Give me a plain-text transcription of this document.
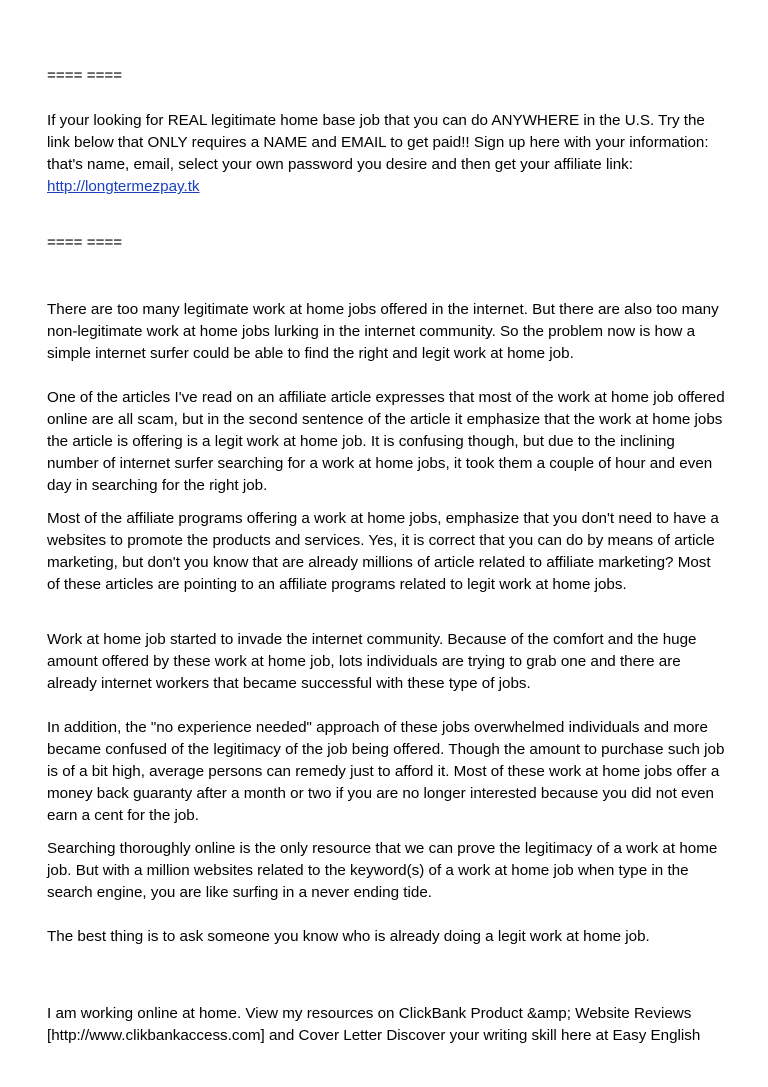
==== ====

If your looking for REAL legitimate home base job that you can do ANYWHERE in the U.S. Try the link below that ONLY requires a NAME and EMAIL to get paid!! Sign up here with your information: that's name, email, select your own password you desire and then get your affiliate link:
http://longtermezpay.tk

==== ====

There are too many legitimate work at home jobs offered in the internet. But there are also too many non-legitimate work at home jobs lurking in the internet community. So the problem now is how a simple internet surfer could be able to find the right and legit work at home job.

One of the articles I've read on an affiliate article expresses that most of the work at home job offered online are all scam, but in the second sentence of the article it emphasize that the work at home jobs the article is offering is a legit work at home job. It is confusing though, but due to the inclining number of internet surfer searching for a work at home jobs, it took them a couple of hour and even day in searching for the right job.

Most of the affiliate programs offering a work at home jobs, emphasize that you don't need to have a websites to promote the products and services. Yes, it is correct that you can do by means of article marketing, but don't you know that are already millions of article related to affiliate marketing? Most of these articles are pointing to an affiliate programs related to legit work at home jobs.

Work at home job started to invade the internet community. Because of the comfort and the huge amount offered by these work at home job, lots individuals are trying to grab one and there are already internet workers that became successful with these type of jobs.

In addition, the "no experience needed" approach of these jobs overwhelmed individuals and more became confused of the legitimacy of the job being offered. Though the amount to purchase such job is of a bit high, average persons can remedy just to afford it. Most of these work at home jobs offer a money back guaranty after a month or two if you are no longer interested because you did not even earn a cent for the job.

Searching thoroughly online is the only resource that we can prove the legitimacy of a work at home job. But with a million websites related to the keyword(s) of a work at home job when type in the search engine, you are like surfing in a never ending tide.

The best thing is to ask someone you know who is already doing a legit work at home job.

I am working online at home. View my resources on ClickBank Product &amp; Website Reviews [http://www.clikbankaccess.com] and Cover Letter Discover your writing skill here at Easy English
